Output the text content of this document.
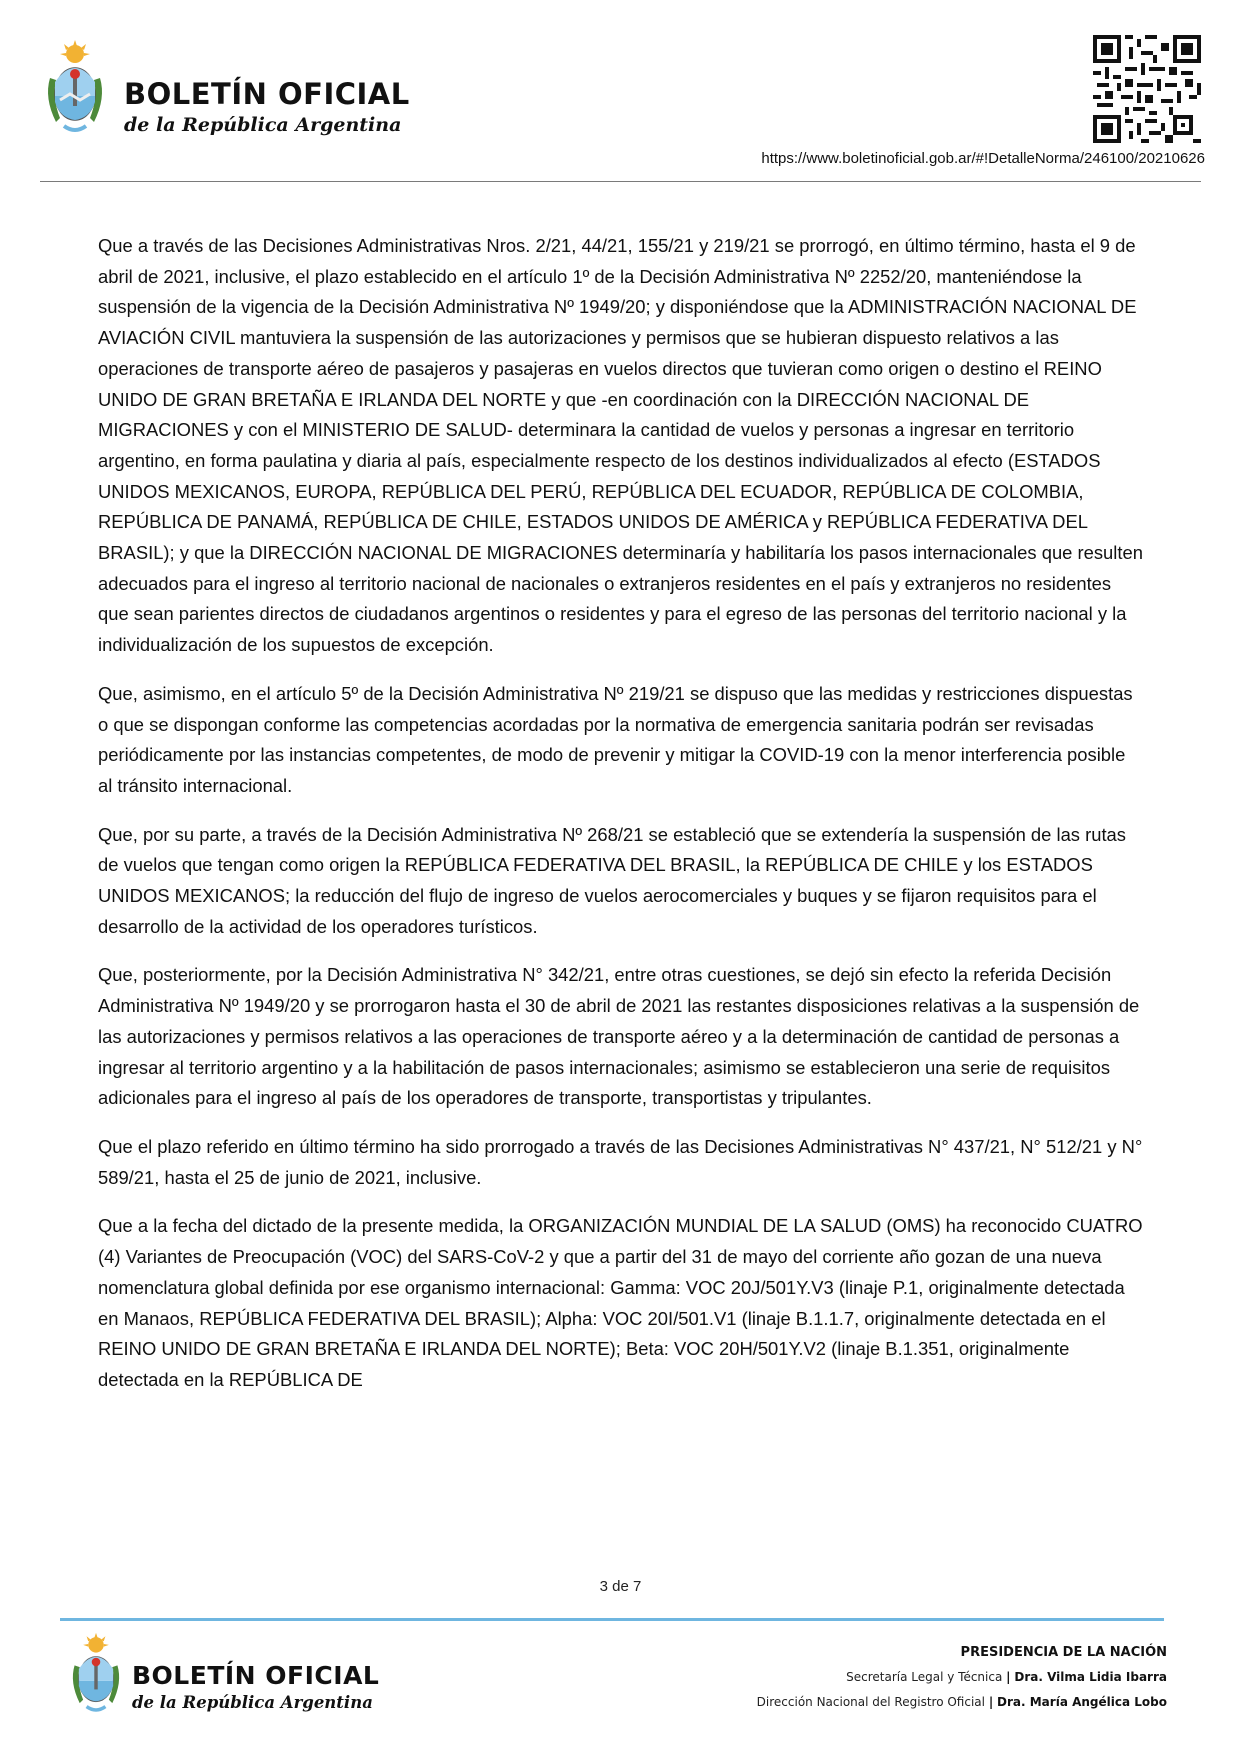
BOLETÍN OFICIAL
de la República Argentina
https://www.boletinoficial.gob.ar/#!DetalleNorma/246100/20210626

Que a través de las Decisiones Administrativas Nros. 2/21, 44/21, 155/21 y 219/21 se prorrogó, en último término, hasta el 9 de abril de 2021, inclusive, el plazo establecido en el artículo 1º de la Decisión Administrativa Nº 2252/20, manteniéndose la suspensión de la vigencia de la Decisión Administrativa Nº 1949/20; y disponiéndose que la ADMINISTRACIÓN NACIONAL DE AVIACIÓN CIVIL mantuviera la suspensión de las autorizaciones y permisos que se hubieran dispuesto relativos a las operaciones de transporte aéreo de pasajeros y pasajeras en vuelos directos que tuvieran como origen o destino el REINO UNIDO DE GRAN BRETAÑA E IRLANDA DEL NORTE y que -en coordinación con la DIRECCIÓN NACIONAL DE MIGRACIONES y con el MINISTERIO DE SALUD- determinara la cantidad de vuelos y personas a ingresar en territorio argentino, en forma paulatina y diaria al país, especialmente respecto de los destinos individualizados al efecto (ESTADOS UNIDOS MEXICANOS, EUROPA, REPÚBLICA DEL PERÚ, REPÚBLICA DEL ECUADOR, REPÚBLICA DE COLOMBIA, REPÚBLICA DE PANAMÁ, REPÚBLICA DE CHILE, ESTADOS UNIDOS DE AMÉRICA y REPÚBLICA FEDERATIVA DEL BRASIL); y que la DIRECCIÓN NACIONAL DE MIGRACIONES determinaría y habilitaría los pasos internacionales que resulten adecuados para el ingreso al territorio nacional de nacionales o extranjeros residentes en el país y extranjeros no residentes que sean parientes directos de ciudadanos argentinos o residentes y para el egreso de las personas del territorio nacional y la individualización de los supuestos de excepción.

Que, asimismo, en el artículo 5º de la Decisión Administrativa Nº 219/21 se dispuso que las medidas y restricciones dispuestas o que se dispongan conforme las competencias acordadas por la normativa de emergencia sanitaria podrán ser revisadas periódicamente por las instancias competentes, de modo de prevenir y mitigar la COVID-19 con la menor interferencia posible al tránsito internacional.

Que, por su parte, a través de la Decisión Administrativa Nº 268/21 se estableció que se extendería la suspensión de las rutas de vuelos que tengan como origen la REPÚBLICA FEDERATIVA DEL BRASIL, la REPÚBLICA DE CHILE y los ESTADOS UNIDOS MEXICANOS; la reducción del flujo de ingreso de vuelos aerocomerciales y buques y se fijaron requisitos para el desarrollo de la actividad de los operadores turísticos.

Que, posteriormente, por la Decisión Administrativa N° 342/21, entre otras cuestiones, se dejó sin efecto la referida Decisión Administrativa Nº 1949/20 y se prorrogaron hasta el 30 de abril de 2021 las restantes disposiciones relativas a la suspensión de las autorizaciones y permisos relativos a las operaciones de transporte aéreo y a la determinación de cantidad de personas a ingresar al territorio argentino y a la habilitación de pasos internacionales; asimismo se establecieron una serie de requisitos adicionales para el ingreso al país de los operadores de transporte, transportistas y tripulantes.

Que el plazo referido en último término ha sido prorrogado a través de las Decisiones Administrativas N° 437/21, N° 512/21 y N° 589/21, hasta el 25 de junio de 2021, inclusive.

Que a la fecha del dictado de la presente medida, la ORGANIZACIÓN MUNDIAL DE LA SALUD (OMS) ha reconocido CUATRO (4) Variantes de Preocupación (VOC) del SARS-CoV-2 y que a partir del 31 de mayo del corriente año gozan de una nueva nomenclatura global definida por ese organismo internacional: Gamma: VOC 20J/501Y.V3 (linaje P.1, originalmente detectada en Manaos, REPÚBLICA FEDERATIVA DEL BRASIL); Alpha: VOC 20I/501.V1 (linaje B.1.1.7, originalmente detectada en el REINO UNIDO DE GRAN BRETAÑA E IRLANDA DEL NORTE); Beta: VOC 20H/501Y.V2 (linaje B.1.351, originalmente detectada en la REPÚBLICA DE

3 de 7
BOLETÍN OFICIAL
de la República Argentina
PRESIDENCIA DE LA NACIÓN
Secretaría Legal y Técnica | Dra. Vilma Lidia Ibarra
Dirección Nacional del Registro Oficial | Dra. María Angélica Lobo
